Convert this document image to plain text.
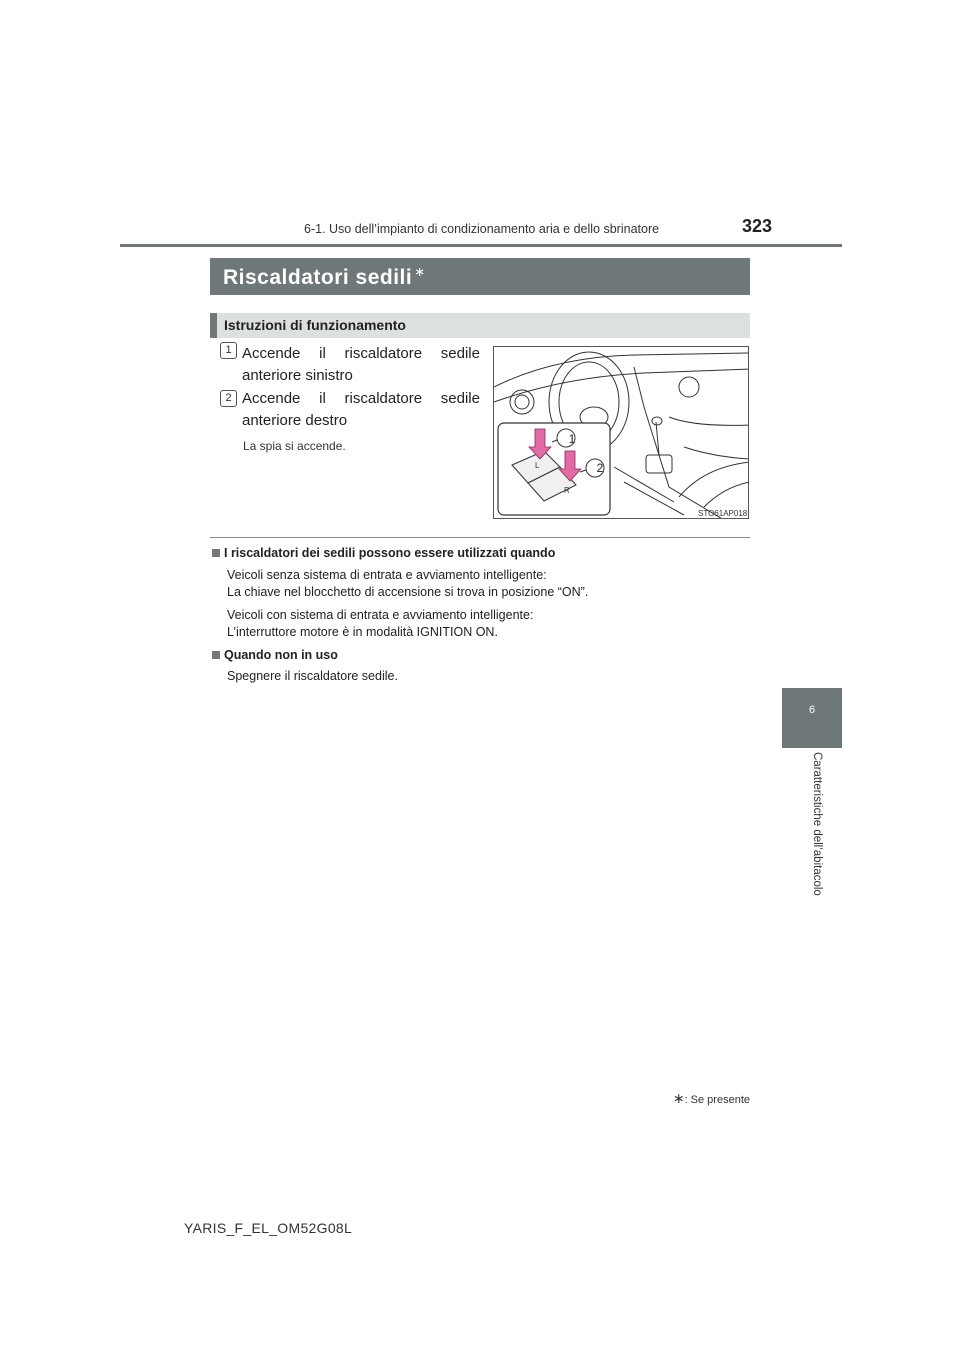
6-1. Uso dell’impianto di condizionamento aria e dello sbrinatore	323
6
Caratteristiche dell’abitacolo
Riscaldatori sedili ∗
Istruzioni di funzionamento
1 Accende il riscaldatore sedile anteriore sinistro
2 Accende il riscaldatore sedile anteriore destro
La spia si accende.	1
2
L
R
STO61AP018
I riscaldatori dei sedili possono essere utilizzati quando
Veicoli senza sistema di entrata e avviamento intelligente:
La chiave nel blocchetto di accensione si trova in posizione “ON”.
Veicoli con sistema di entrata e avviamento intelligente:
L’interruttore motore è in modalità IGNITION ON.
Quando non in uso
Spegnere il riscaldatore sedile.
∗: Se presente
YARIS_F_EL_OM52G08L
